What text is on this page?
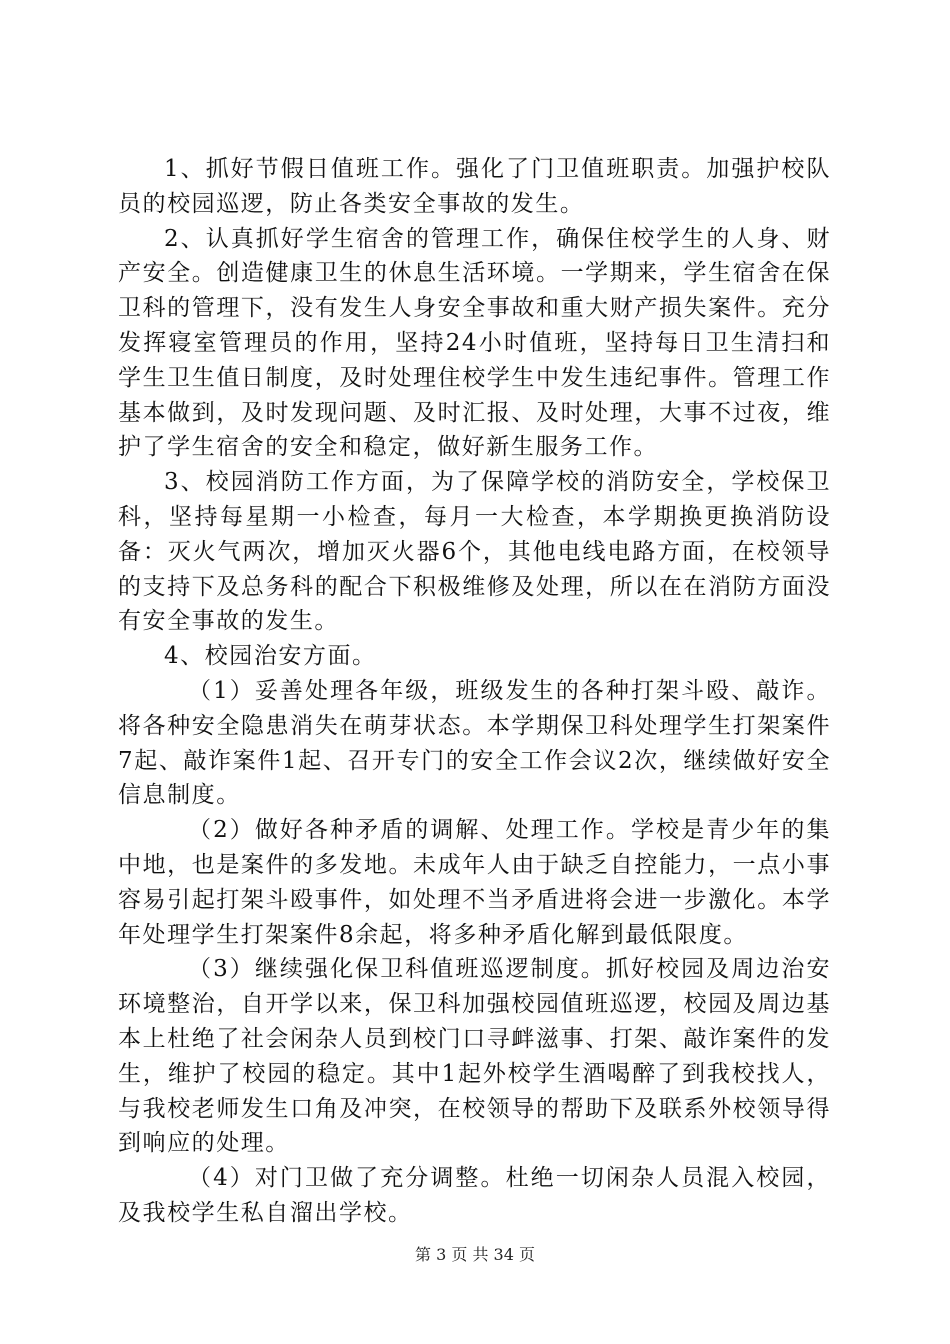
1、抓好节假日值班工作。强化了门卫值班职责。加强护校队员的校园巡逻，防止各类安全事故的发生。

2、认真抓好学生宿舍的管理工作，确保住校学生的人身、财产安全。创造健康卫生的休息生活环境。一学期来，学生宿舍在保卫科的管理下，没有发生人身安全事故和重大财产损失案件。充分发挥寝室管理员的作用，坚持24小时值班，坚持每日卫生清扫和学生卫生值日制度，及时处理住校学生中发生违纪事件。管理工作基本做到，及时发现问题、及时汇报、及时处理，大事不过夜，维护了学生宿舍的安全和稳定，做好新生服务工作。

3、校园消防工作方面，为了保障学校的消防安全，学校保卫科，坚持每星期一小检查，每月一大检查，本学期换更换消防设备：灭火气两次，增加灭火器6个，其他电线电路方面，在校领导的支持下及总务科的配合下积极维修及处理，所以在在消防方面没有安全事故的发生。

4、校园治安方面。

（1）妥善处理各年级，班级发生的各种打架斗殴、敲诈。将各种安全隐患消失在萌芽状态。本学期保卫科处理学生打架案件7起、敲诈案件1起、召开专门的安全工作会议2次，继续做好安全信息制度。

（2）做好各种矛盾的调解、处理工作。学校是青少年的集中地，也是案件的多发地。未成年人由于缺乏自控能力，一点小事容易引起打架斗殴事件，如处理不当矛盾进将会进一步激化。本学年处理学生打架案件8余起，将多种矛盾化解到最低限度。

（3）继续强化保卫科值班巡逻制度。抓好校园及周边治安环境整治，自开学以来，保卫科加强校园值班巡逻，校园及周边基本上杜绝了社会闲杂人员到校门口寻衅滋事、打架、敲诈案件的发生，维护了校园的稳定。其中1起外校学生酒喝醉了到我校找人，与我校老师发生口角及冲突，在校领导的帮助下及联系外校领导得到响应的处理。

（4）对门卫做了充分调整。杜绝一切闲杂人员混入校园，及我校学生私自溜出学校。

第 3 页 共 34 页
